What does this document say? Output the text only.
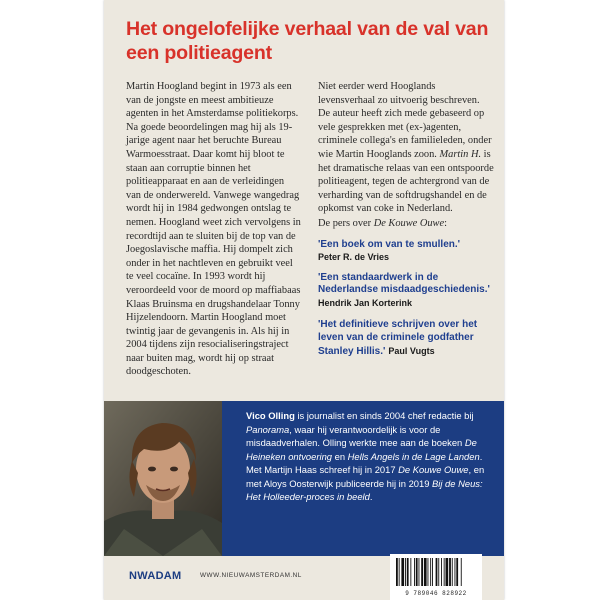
Het ongelofelijke verhaal van de val van een politieagent

Martin Hoogland begint in 1973 als een van de jongste en meest ambitieuze agenten in het Amsterdamse politiekorps. Na goede beoordelingen mag hij als 19-jarige agent naar het beruchte Bureau Warmoesstraat. Daar komt hij bloot te staan aan corruptie binnen het politieapparaat en aan de verleidingen van de onderwereld. Vanwege wangedrag wordt hij in 1984 gedwongen ontslag te nemen. Hoogland weet zich vervolgens in recordtijd aan te sluiten bij de top van de Joegoslavische maffia. Hij dompelt zich onder in het nachtleven en gebruikt veel te veel cocaïne. In 1993 wordt hij veroordeeld voor de moord op maffiabaas Klaas Bruinsma en drugshandelaar Tonny Hijzelendoorn. Martin Hoogland moet twintig jaar de gevangenis in. Als hij in 2004 tijdens zijn resocialiseringstraject naar buiten mag, wordt hij op straat doodgeschoten.

Niet eerder werd Hooglands levensverhaal zo uitvoerig beschreven. De auteur heeft zich mede gebaseerd op vele gesprekken met (ex-)agenten, criminele collega's en familieleden, onder wie Martin Hooglands zoon. Martin H. is het dramatische relaas van een ontspoorde politieagent, tegen de achtergrond van de verharding van de softdrugshandel en de opkomst van coke in Nederland.

De pers over De Kouwe Ouwe:

'Een boek om van te smullen.'
Peter R. de Vries
'Een standaardwerk in de Nederlandse misdaadgeschiedenis.'
Hendrik Jan Korterink
'Het definitieve schrijven over het leven van de criminele godfather Stanley Hillis.' Paul Vugts

Vico Olling is journalist en sinds 2004 chef redactie bij Panorama, waar hij verantwoordelijk is voor de misdaadverhalen. Olling werkte mee aan de boeken De Heineken ontvoering en Hells Angels in de Lage Landen. Met Martijn Haas schreef hij in 2017 De Kouwe Ouwe, en met Aloys Oosterwijk publiceerde hij in 2019 Bij de Neus: Het Holleeder-proces in beeld.

NWADAM	WWW.NIEUWAMSTERDAM.NL
9 789046 828922
